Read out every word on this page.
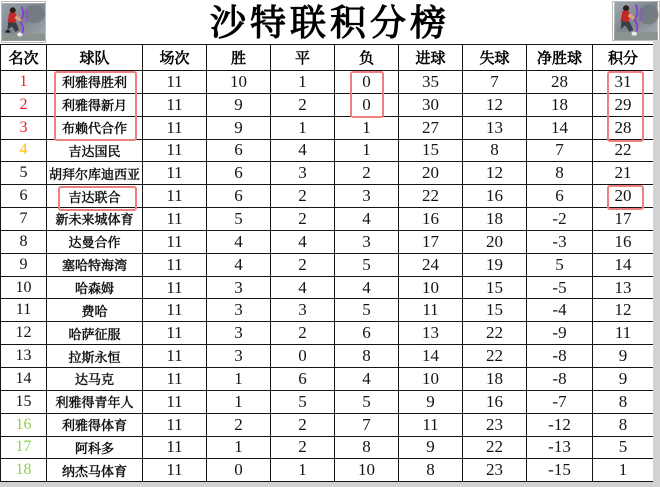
沙特联积分榜
名次	球队	场次	胜	平	负	进球	失球	净胜球	积分
1	利雅得胜利	11	10	1	0	35	7	28	31
2	利雅得新月	11	9	2	0	30	12	18	29
3	布赖代合作	11	9	1	1	27	13	14	28
4	吉达国民	11	6	4	1	15	8	7	22
5	胡拜尔库迪西亚	11	6	3	2	20	12	8	21
6	吉达联合	11	6	2	3	22	16	6	20
7	新未来城体育	11	5	2	4	16	18	-2	17
8	达曼合作	11	4	4	3	17	20	-3	16
9	塞哈特海湾	11	4	2	5	24	19	5	14
10	哈森姆	11	3	4	4	10	15	-5	13
11	费哈	11	3	3	5	11	15	-4	12
12	哈萨征服	11	3	2	6	13	22	-9	11
13	拉斯永恒	11	3	0	8	14	22	-8	9
14	达马克	11	1	6	4	10	18	-8	9
15	利雅得青年人	11	1	5	5	9	16	-7	8
16	利雅得体育	11	2	2	7	11	23	-12	8
17	阿科多	11	1	2	8	9	22	-13	5
18	纳杰马体育	11	0	1	10	8	23	-15	1
